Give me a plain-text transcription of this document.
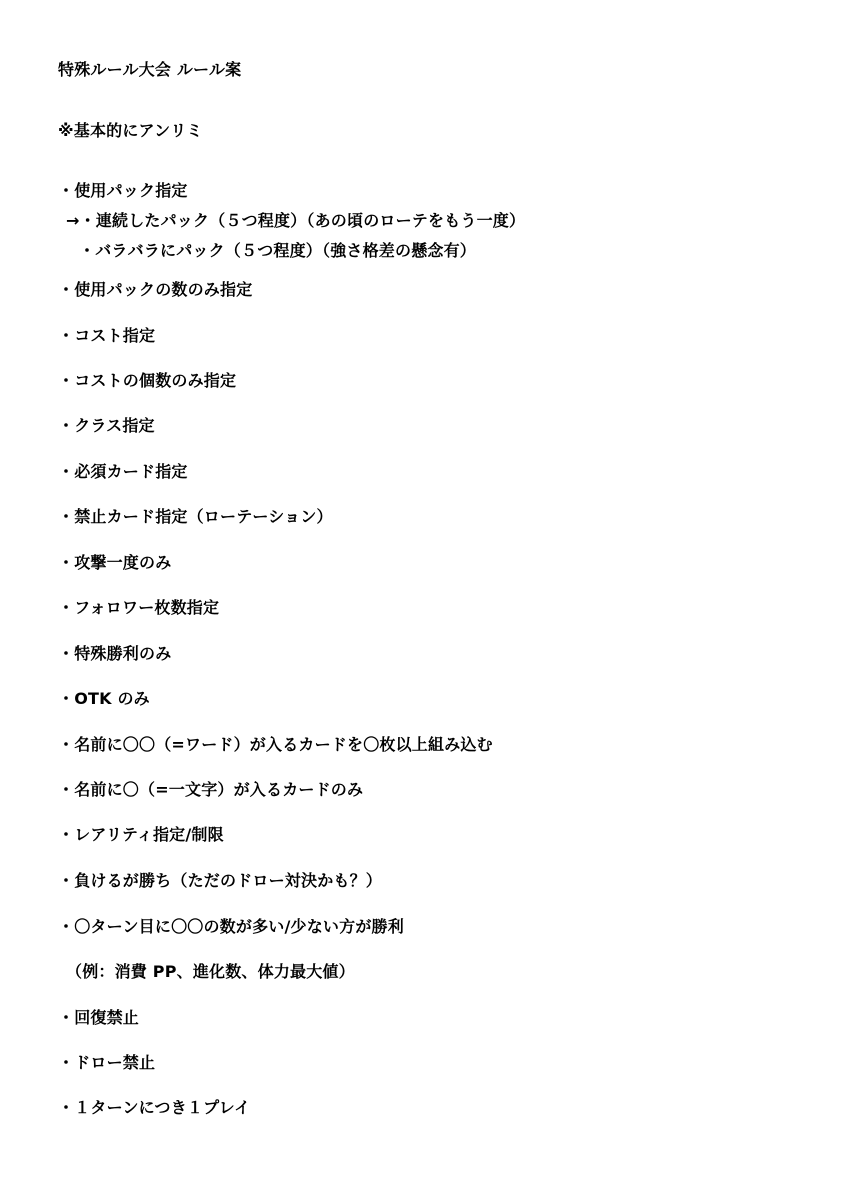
特殊ルール大会 ルール案
※基本的にアンリミ
・使用パック指定
→・連続したパック（５つ程度）（あの頃のローテをもう一度）
・バラバラにパック（５つ程度）（強さ格差の懸念有）
・使用パックの数のみ指定
・コスト指定
・コストの個数のみ指定
・クラス指定
・必須カード指定
・禁止カード指定（ローテーション）
・攻撃一度のみ
・フォロワー枚数指定
・特殊勝利のみ
・OTK のみ
・名前に〇〇（=ワード）が入るカードを〇枚以上組み込む
・名前に〇（=一文字）が入るカードのみ
・レアリティ指定/制限
・負けるが勝ち（ただのドロー対決かも？）
・〇ターン目に〇〇の数が多い/少ない方が勝利
（例：消費 PP、進化数、体力最大値）
・回復禁止
・ドロー禁止
・１ターンにつき１プレイ
